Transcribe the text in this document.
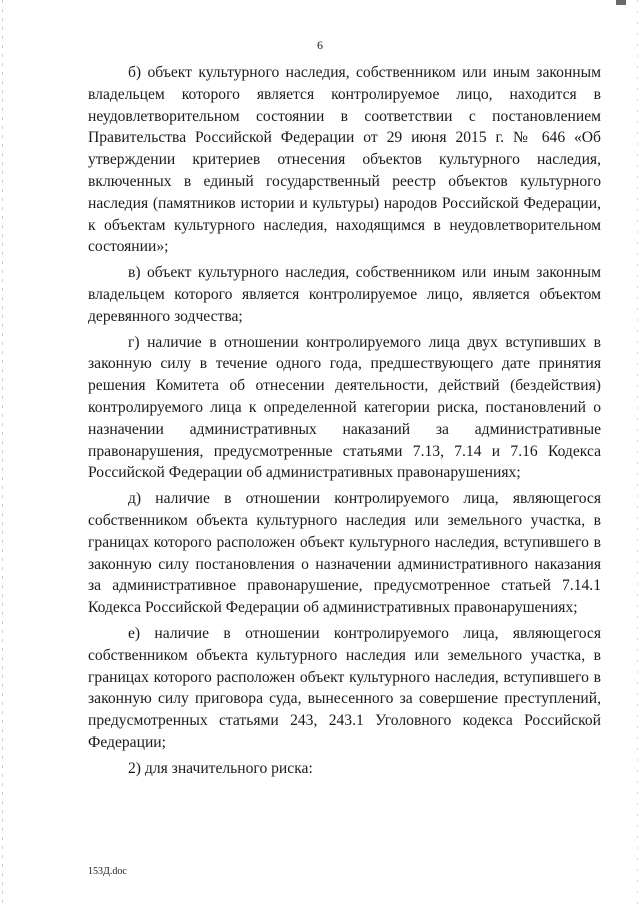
6

б) объект культурного наследия, собственником или иным законным владельцем которого является контролируемое лицо, находится в неудовлетворительном состоянии в соответствии с постановлением Правительства Российской Федерации от 29 июня 2015 г. № 646 «Об утверждении критериев отнесения объектов культурного наследия, включенных в единый государственный реестр объектов культурного наследия (памятников истории и культуры) народов Российской Федерации, к объектам культурного наследия, находящимся в неудовлетворительном состоянии»;

в) объект культурного наследия, собственником или иным законным владельцем которого является контролируемое лицо, является объектом деревянного зодчества;

г) наличие в отношении контролируемого лица двух вступивших в законную силу в течение одного года, предшествующего дате принятия решения Комитета об отнесении деятельности, действий (бездействия) контролируемого лица к определенной категории риска, постановлений о назначении административных наказаний за административные правонарушения, предусмотренные статьями 7.13, 7.14 и 7.16 Кодекса Российской Федерации об административных правонарушениях;

д) наличие в отношении контролируемого лица, являющегося собственником объекта культурного наследия или земельного участка, в границах которого расположен объект культурного наследия, вступившего в законную силу постановления о назначении административного наказания за административное правонарушение, предусмотренное статьей 7.14.1 Кодекса Российской Федерации об административных правонарушениях;

е) наличие в отношении контролируемого лица, являющегося собственником объекта культурного наследия или земельного участка, в границах которого расположен объект культурного наследия, вступившего в законную силу приговора суда, вынесенного за совершение преступлений, предусмотренных статьями 243, 243.1 Уголовного кодекса Российской Федерации;

2) для значительного риска:

153Д.doc
